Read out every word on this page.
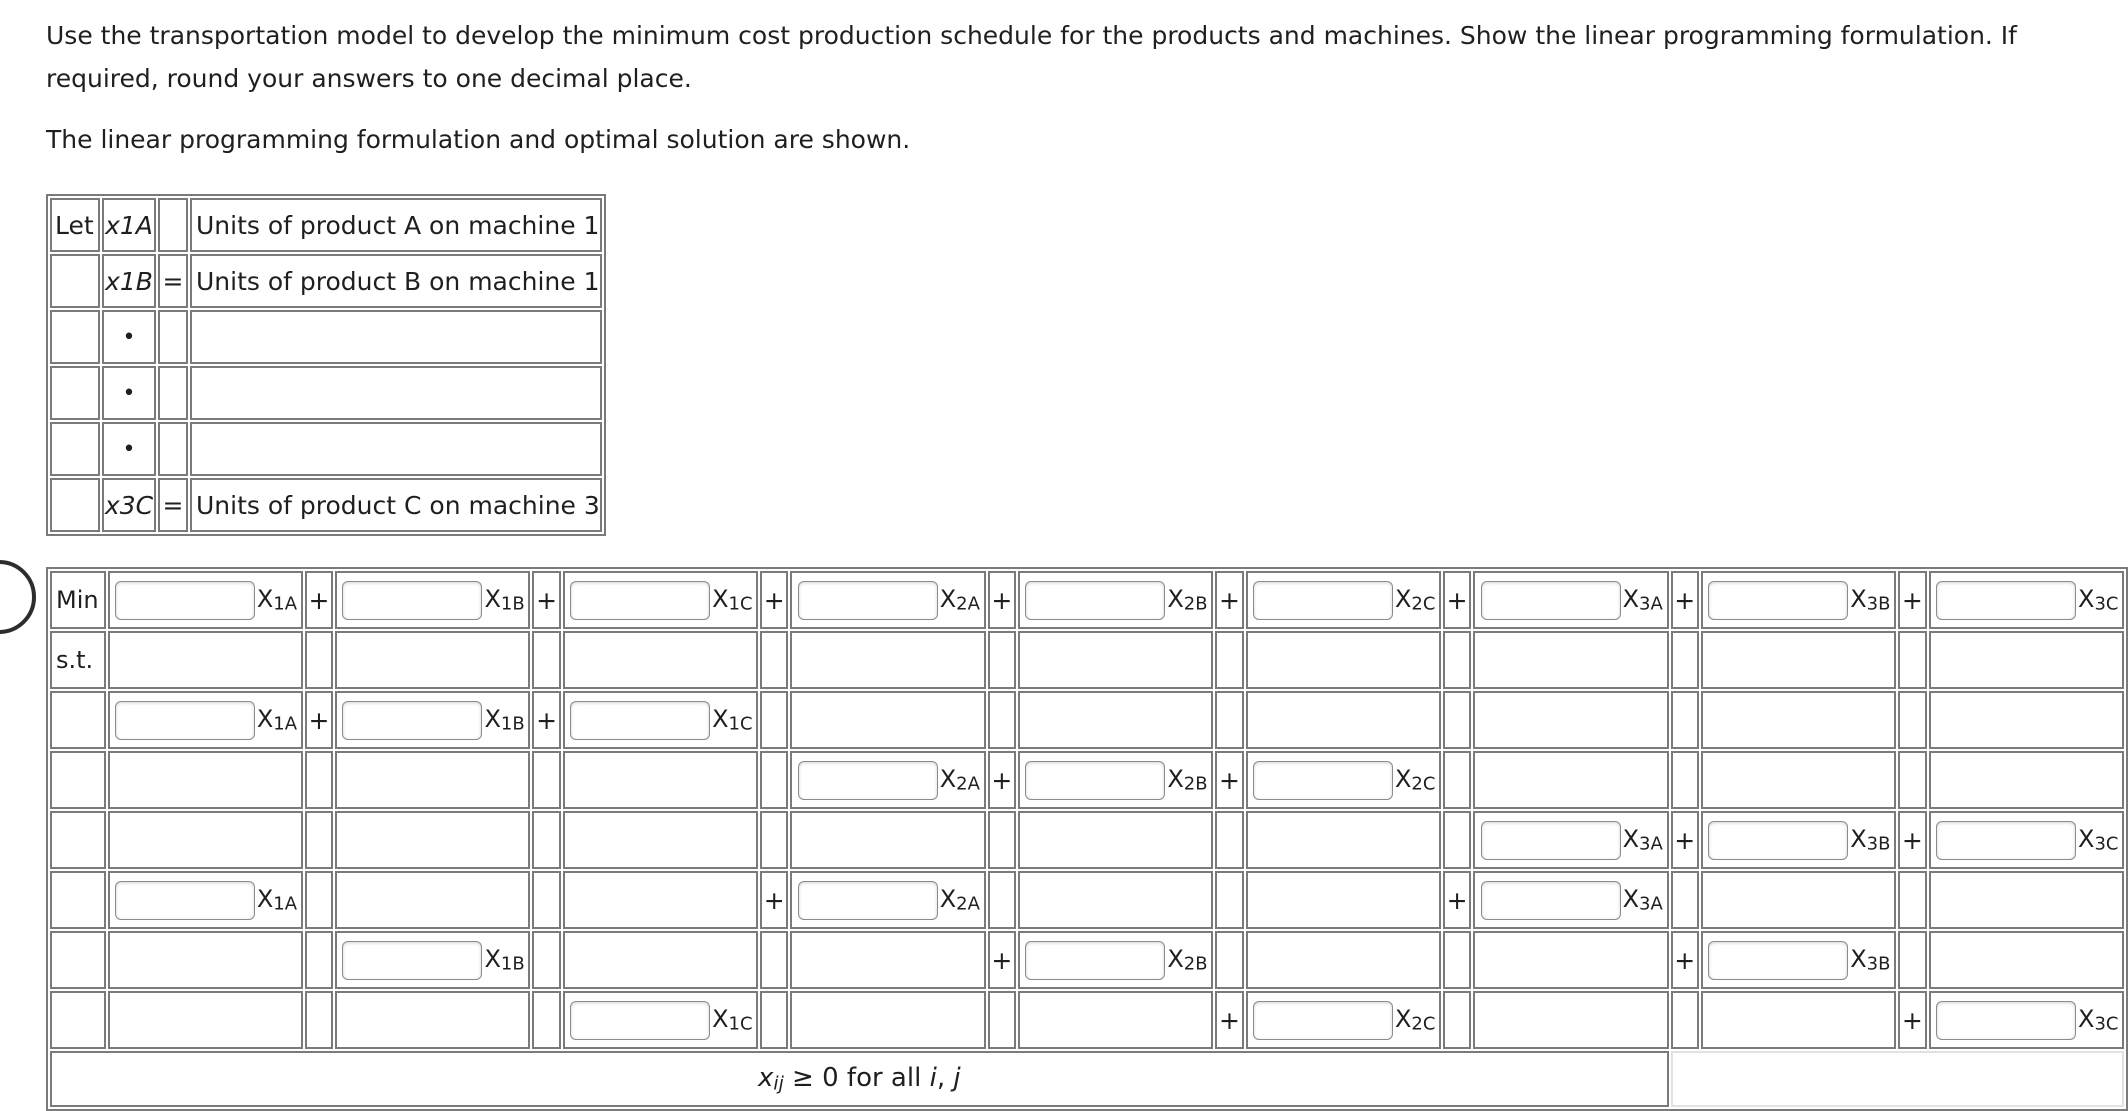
Use the transportation model to develop the minimum cost production schedule for the products and machines. Show the linear programming formulation. If required, round your answers to one decimal place.

The linear programming formulation and optimal solution are shown.

Let	x1A		Units of product A on machine 1
	x1B	=	Units of product B on machine 1
	•		
	•		
	•		
	x3C	=	Units of product C on machine 3
Min	X1A	+	X1B	+	X1C	+	X2A	+	X2B	+	X2C	+	X3A	+	X3B	+	X3C

s.t.																	

	X1A	+	X1B	+	X1C												

							X2A	+	X2B	+	X2C						

													X3A	+	X3B	+	X3C

	X1A					+	X2A					+	X3A				

			X1B					+	X2B					+	X3B		

					X1C					+	X2C					+	X3C

xij ≥ 0 for all i, j																	
